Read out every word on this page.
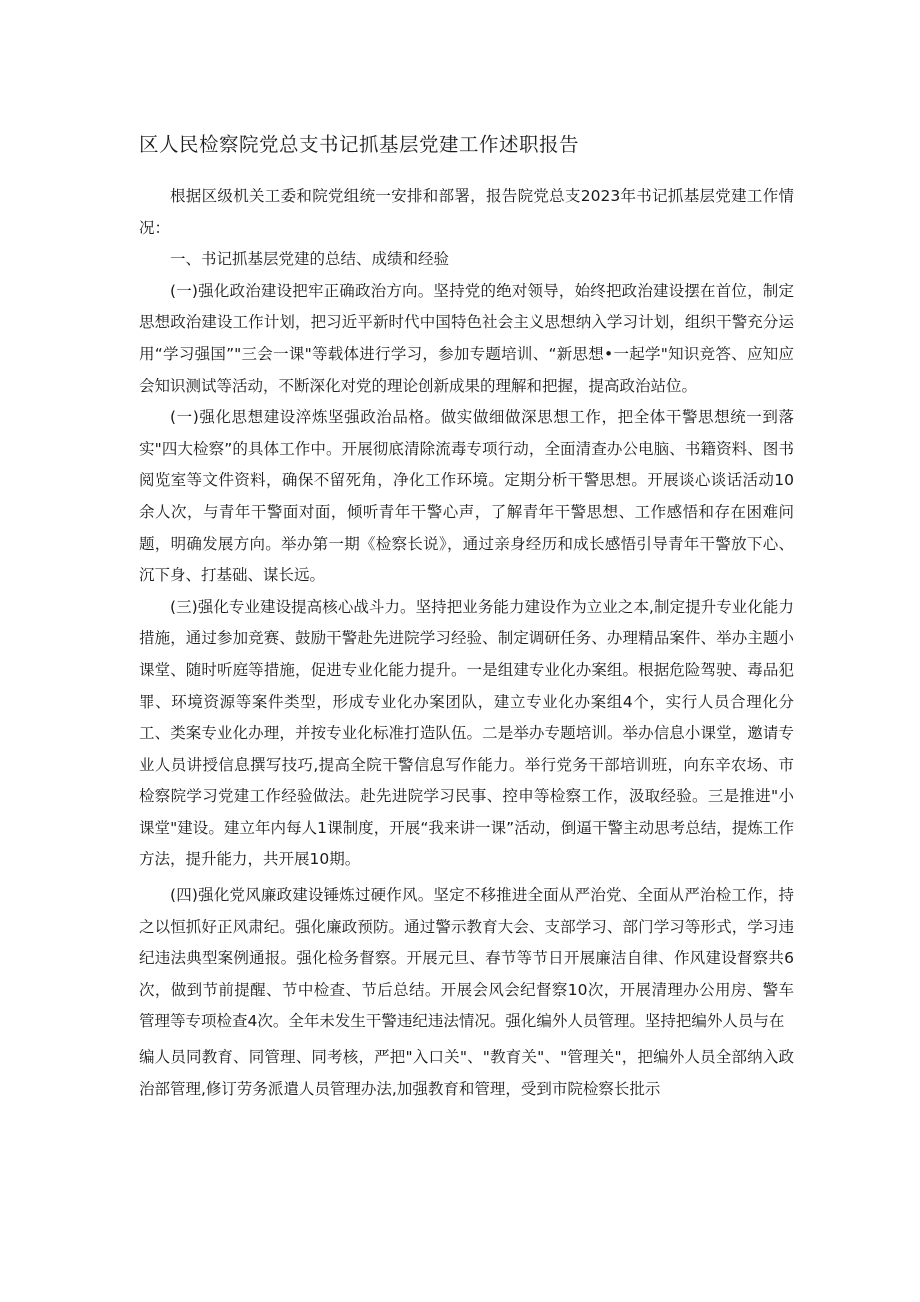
区人民检察院党总支书记抓基层党建工作述职报告

根据区级机关工委和院党组统一安排和部署，报告院党总支2023年书记抓基层党建工作情况：

一、书记抓基层党建的总结、成绩和经验

(一)强化政治建设把牢正确政治方向。坚持党的绝对领导，始终把政治建设摆在首位，制定思想政治建设工作计划，把习近平新时代中国特色社会主义思想纳入学习计划，组织干警充分运用“学习强国”"三会一课"等载体进行学习，参加专题培训、“新思想•一起学"知识竞答、应知应会知识测试等活动，不断深化对党的理论创新成果的理解和把握，提高政治站位。

(一)强化思想建设淬炼坚强政治品格。做实做细做深思想工作，把全体干警思想统一到落实"四大检察”的具体工作中。开展彻底清除流毒专项行动，全面清查办公电脑、书籍资料、图书阅览室等文件资料，确保不留死角，净化工作环境。定期分析干警思想。开展谈心谈话活动10余人次，与青年干警面对面，倾听青年干警心声，了解青年干警思想、工作感悟和存在困难问题，明确发展方向。举办第一期《检察长说》，通过亲身经历和成长感悟引导青年干警放下心、沉下身、打基础、谋长远。

(三)强化专业建设提高核心战斗力。坚持把业务能力建设作为立业之本,制定提升专业化能力措施，通过参加竞赛、鼓励干警赴先进院学习经验、制定调研任务、办理精品案件、举办主题小课堂、随时听庭等措施，促进专业化能力提升。一是组建专业化办案组。根据危险驾驶、毒品犯罪、环境资源等案件类型，形成专业化办案团队，建立专业化办案组4个，实行人员合理化分工、类案专业化办理，并按专业化标准打造队伍。二是举办专题培训。举办信息小课堂，邀请专业人员讲授信息撰写技巧,提高全院干警信息写作能力。举行党务干部培训班，向东辛农场、市检察院学习党建工作经验做法。赴先进院学习民事、控申等检察工作，汲取经验。三是推进"小课堂"建设。建立年内每人1课制度，开展“我来讲一课”活动，倒逼干警主动思考总结，提炼工作方法，提升能力，共开展10期。

(四)强化党风廉政建设锤炼过硬作风。坚定不移推进全面从严治党、全面从严治检工作，持之以恒抓好正风肃纪。强化廉政预防。通过警示教育大会、支部学习、部门学习等形式，学习违纪违法典型案例通报。强化检务督察。开展元旦、春节等节日开展廉洁自律、作风建设督察共6次，做到节前提醒、节中检查、节后总结。开展会风会纪督察10次，开展清理办公用房、警车管理等专项检查4次。全年未发生干警违纪违法情况。强化编外人员管理。坚持把编外人员与在

编人员同教育、同管理、同考核，严把"入口关"、"教育关"、"管理关"，把编外人员全部纳入政治部管理,修订劳务派遣人员管理办法,加强教育和管理，受到市院检察长批示
